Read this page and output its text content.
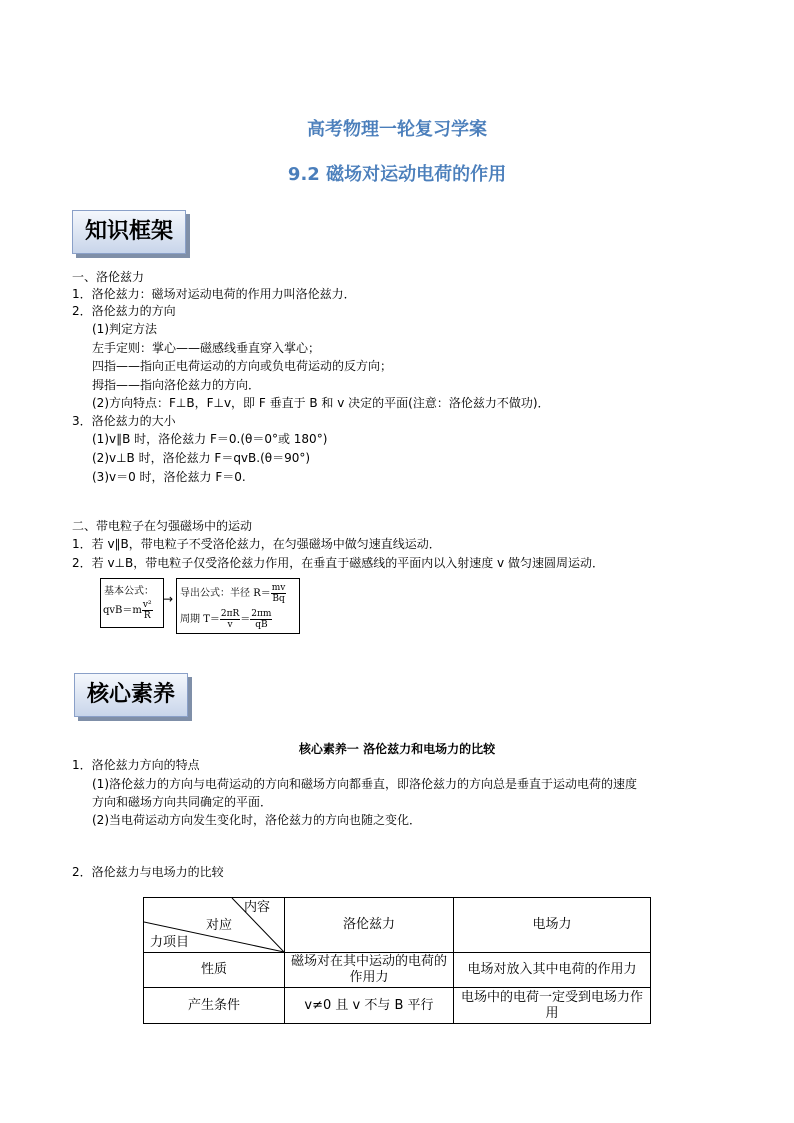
高考物理一轮复习学案
9.2 磁场对运动电荷的作用
知识框架
一、洛伦兹力
1．洛伦兹力：磁场对运动电荷的作用力叫洛伦兹力．
2．洛伦兹力的方向
(1)判定方法
左手定则：掌心——磁感线垂直穿入掌心；
四指——指向正电荷运动的方向或负电荷运动的反方向；
拇指——指向洛伦兹力的方向．
(2)方向特点：F⊥B，F⊥v，即 F 垂直于 B 和 v 决定的平面(注意：洛伦兹力不做功)．
3．洛伦兹力的大小
(1)v∥B 时，洛伦兹力 F＝0.(θ＝0°或 180°)
(2)v⊥B 时，洛伦兹力 F＝qvB.(θ＝90°)
(3)v＝0 时，洛伦兹力 F＝0.
二、带电粒子在匀强磁场中的运动
1．若 v∥B，带电粒子不受洛伦兹力，在匀强磁场中做匀速直线运动．
2．若 v⊥B，带电粒子仅受洛伦兹力作用，在垂直于磁感线的平面内以入射速度 v 做匀速圆周运动．
基本公式：
$qvB=m \frac{\text{v²}}{R}$
→ 导出公式：半径 $R= \frac{mv}{Bq}$
周期 $T= \frac{2\pi R}{v} = \frac{2\pi m}{qB}$
核心素养
核心素养一 洛伦兹力和电场力的比较
1．洛伦兹力方向的特点
(1)洛伦兹力的方向与电荷运动的方向和磁场方向都垂直，即洛伦兹力的方向总是垂直于运动电荷的速度
方向和磁场方向共同确定的平面．
(2)当电荷运动方向发生变化时，洛伦兹力的方向也随之变化．
2．洛伦兹力与电场力的比较
内容
对应
力项目	洛伦兹力	电场力
性质	磁场对在其中运动的电荷的作用力	电场对放入其中电荷的作用力
产生条件	v≠0 且 v 不与 B 平行	电场中的电荷一定受到电场力作用
